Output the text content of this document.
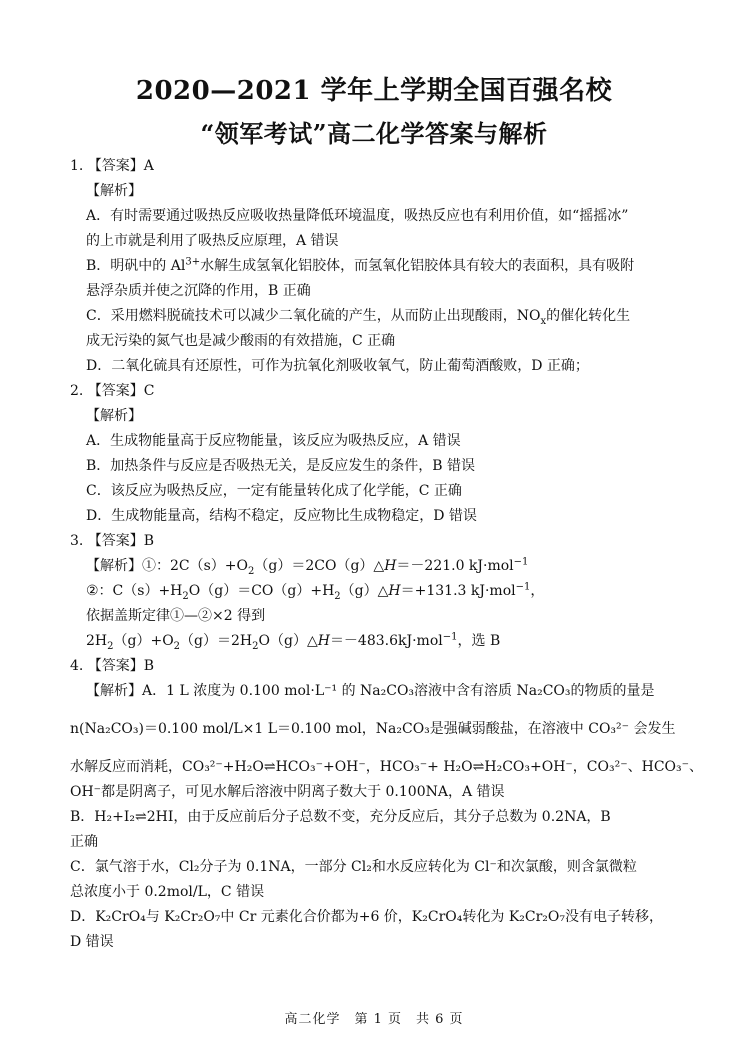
2020—2021 学年上学期全国百强名校
“领军考试”高二化学答案与解析
1. 【答案】A
【解析】
A．有时需要通过吸热反应吸收热量降低环境温度，吸热反应也有利用价值，如“摇摇冰”
的上市就是利用了吸热反应原理，A 错误
B．明矾中的 $Al^{3+}$水解生成氢氧化铝胶体，而氢氧化铝胶体具有较大的表面积，具有吸附
悬浮杂质并使之沉降的作用，B 正确
C．采用燃料脱硫技术可以减少二氧化硫的产生，从而防止出现酸雨，$NO_x$的催化转化生
成无污染的氮气也是减少酸雨的有效措施，C 正确
D．二氧化硫具有还原性，可作为抗氧化剂吸收氧气，防止葡萄酒酸败，D 正确；
2. 【答案】C
【解析】
A．生成物能量高于反应物能量，该反应为吸热反应，A 错误
B．加热条件与反应是否吸热无关，是反应发生的条件，B 错误
C．该反应为吸热反应，一定有能量转化成了化学能，C 正确
D．生成物能量高，结构不稳定，反应物比生成物稳定，D 错误
3. 【答案】B
【解析】①：$2C(s)+O_2(g)=2CO(g)\triangle H=-221.0$ kJ·mol$^{-1}$
②：$C(s)+H_2O(g)=CO(g)+H_2(g)\triangle H=+131.3$ kJ·mol$^{-1}$，
依据盖斯定律①—②×2 得到
$2H_2(g)+O_2(g)=2H_2O(g)\triangle H=-483.6kJ\cdot mol^{-1}$，选 B
4. 【答案】B
【解析】A．1 L 浓度为 0.100 mol·L⁻¹ 的 Na₂CO₃溶液中含有溶质 Na₂CO₃的物质的量是
n(Na₂CO₃)＝0.100 mol/L×1 L＝0.100 mol，Na₂CO₃是强碱弱酸盐，在溶液中 CO₃²⁻ 会发生
水解反应而消耗，CO₃²⁻+H₂O⇌HCO₃⁻+OH⁻，HCO₃⁻+ H₂O⇌H₂CO₃+OH⁻，CO₃²⁻、HCO₃⁻、
OH⁻都是阴离子，可见水解后溶液中阴离子数大于 0.100NA，A 错误
B．H₂+I₂⇌2HI，由于反应前后分子总数不变，充分反应后，其分子总数为 0.2NA，B
正确
C．氯气溶于水，Cl₂分子为 0.1NA，一部分 Cl₂和水反应转化为 Cl⁻和次氯酸，则含氯微粒
总浓度小于 0.2mol/L，C 错误
D．K₂CrO₄与 K₂Cr₂O₇中 Cr 元素化合价都为+6 价，K₂CrO₄转化为 K₂Cr₂O₇没有电子转移，
D 错误
高二化学　第 1 页　共 6 页
